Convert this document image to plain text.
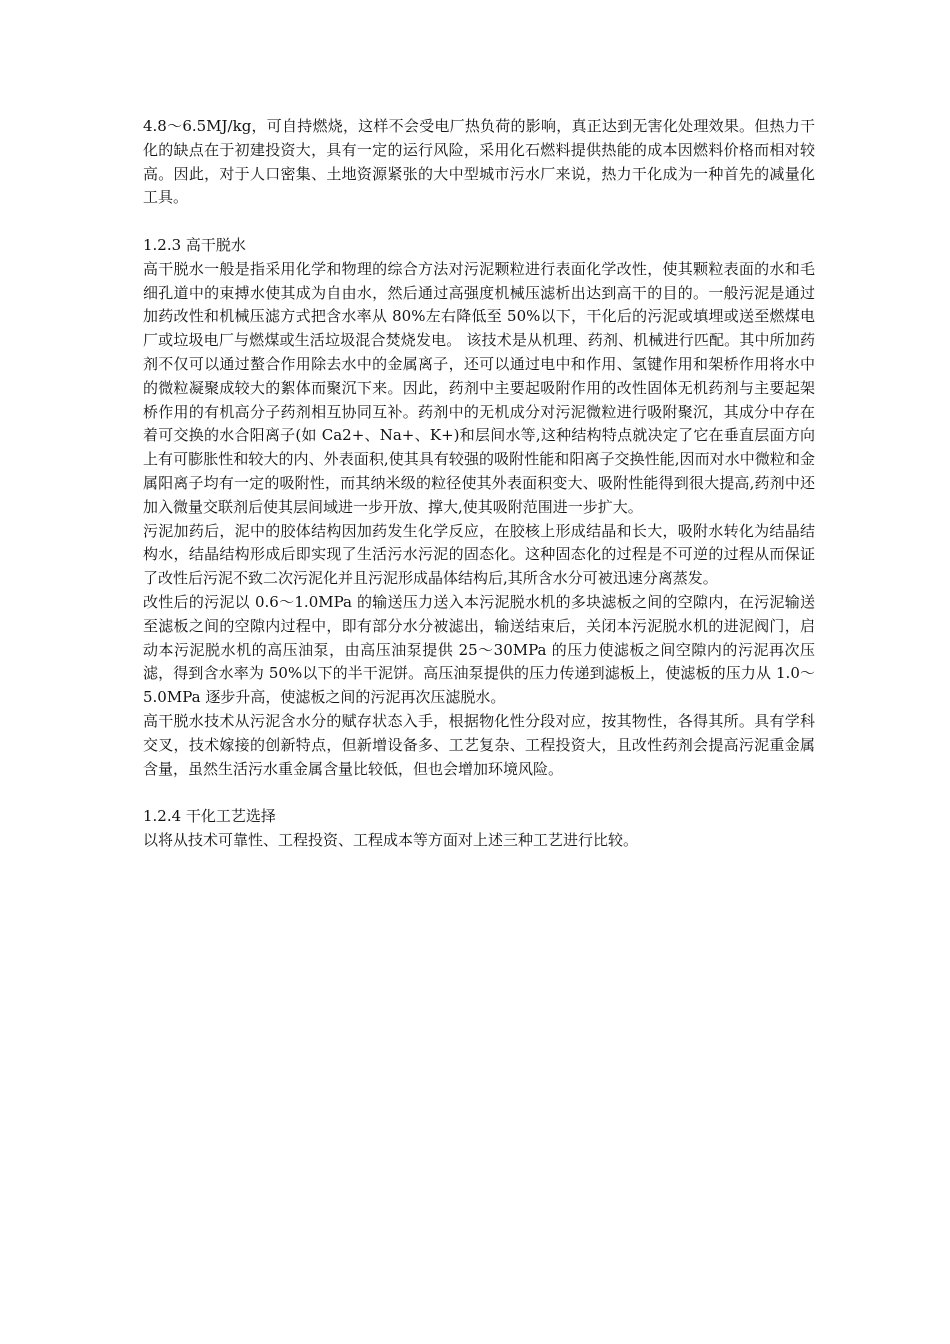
4.8～6.5MJ/kg，可自持燃烧，这样不会受电厂热负荷的影响，真正达到无害化处理效果。但热力干化的缺点在于初建投资大，具有一定的运行风险，采用化石燃料提供热能的成本因燃料价格而相对较高。因此，对于人口密集、土地资源紧张的大中型城市污水厂来说，热力干化成为一种首先的减量化工具。

1.2.3 高干脱水

高干脱水一般是指采用化学和物理的综合方法对污泥颗粒进行表面化学改性，使其颗粒表面的水和毛细孔道中的束搏水使其成为自由水，然后通过高强度机械压滤析出达到高干的目的。一般污泥是通过加药改性和机械压滤方式把含水率从 80%左右降低至 50%以下，干化后的污泥或填埋或送至燃煤电厂或垃圾电厂与燃煤或生活垃圾混合焚烧发电。 该技术是从机理、药剂、机械进行匹配。其中所加药剂不仅可以通过螯合作用除去水中的金属离子，还可以通过电中和作用、氢键作用和架桥作用将水中的微粒凝聚成较大的絮体而聚沉下来。因此，药剂中主要起吸附作用的改性固体无机药剂与主要起架桥作用的有机高分子药剂相互协同互补。药剂中的无机成分对污泥微粒进行吸附聚沉，其成分中存在着可交换的水合阳离子(如 Ca2+、Na+、K+)和层间水等,这种结构特点就决定了它在垂直层面方向上有可膨胀性和较大的内、外表面积,使其具有较强的吸附性能和阳离子交换性能,因而对水中微粒和金属阳离子均有一定的吸附性，而其纳米级的粒径使其外表面积变大、吸附性能得到很大提高,药剂中还加入微量交联剂后使其层间域进一步开放、撑大,使其吸附范围进一步扩大。

污泥加药后，泥中的胶体结构因加药发生化学反应，在胶核上形成结晶和长大，吸附水转化为结晶结构水，结晶结构形成后即实现了生活污水污泥的固态化。这种固态化的过程是不可逆的过程从而保证了改性后污泥不致二次污泥化并且污泥形成晶体结构后,其所含水分可被迅速分离蒸发。

改性后的污泥以 0.6～1.0MPa 的输送压力送入本污泥脱水机的多块滤板之间的空隙内，在污泥输送至滤板之间的空隙内过程中，即有部分水分被滤出，输送结束后，关闭本污泥脱水机的进泥阀门，启动本污泥脱水机的高压油泵，由高压油泵提供 25～30MPa 的压力使滤板之间空隙内的污泥再次压滤，得到含水率为 50%以下的半干泥饼。高压油泵提供的压力传递到滤板上，使滤板的压力从 1.0～5.0MPa 逐步升高，使滤板之间的污泥再次压滤脱水。

高干脱水技术从污泥含水分的赋存状态入手，根据物化性分段对应，按其物性，各得其所。具有学科交叉，技术嫁接的创新特点，但新增设备多、工艺复杂、工程投资大，且改性药剂会提高污泥重金属含量，虽然生活污水重金属含量比较低，但也会增加环境风险。

1.2.4 干化工艺选择

以将从技术可靠性、工程投资、工程成本等方面对上述三种工艺进行比较。
